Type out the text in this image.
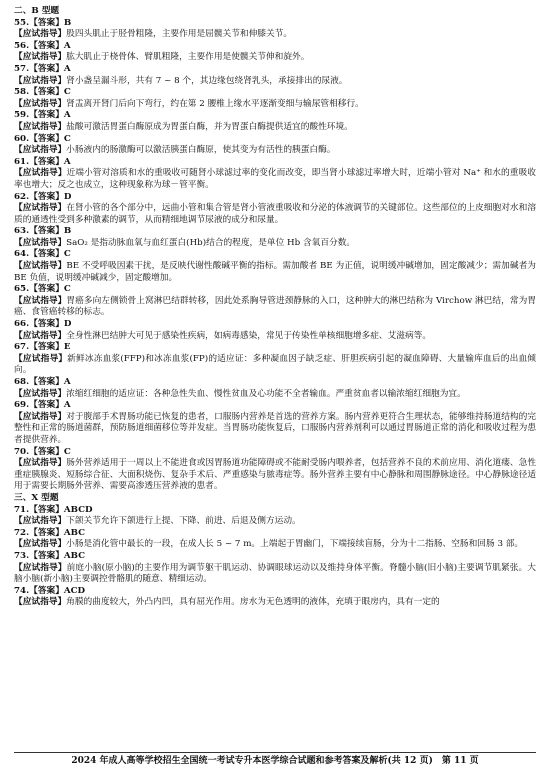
二、B 型题
55.【答案】B
【应试指导】股四头肌止于胫骨粗隆，主要作用是屈髋关节和伸膝关节。
56.【答案】A
【应试指导】肱大肌止于桡骨体、臂肌粗隆，主要作用是使髋关节伸和旋外。
57.【答案】A
【应试指导】肾小盏呈漏斗形，共有 7 ~ 8 个，其边缘包绕肾乳头，承接排出的尿液。
58.【答案】C
【应试指导】肾盂离开肾门后向下弯行，约在第 2 腰椎上缘水平逐渐变细与输尿管相移行。
59.【答案】A
【应试指导】盐酸可激活胃蛋白酶原成为胃蛋白酶，并为胃蛋白酶提供适宜的酸性环境。
60.【答案】C
【应试指导】小肠液内的肠激酶可以激活胰蛋白酶原，使其变为有活性的胰蛋白酶。
61.【答案】A
【应试指导】近端小管对溶质和水的重吸收可随肾小球滤过率的变化而改变，即当肾小球滤过率增大时，近端小管对 Na⁺ 和水的重吸收率也增大；反之也成立，这种现象称为球－管平衡。
62.【答案】D
【应试指导】在肾小管的各个部分中，远曲小管和集合管是肾小管液重吸收和分泌的体液调节的关键部位。这些部位的上皮细胞对水和溶质的通透性受到多种激素的调节，从而精细地调节尿液的成分和尿量。
63.【答案】B
【应试指导】SaO₂ 是指动脉血氧与血红蛋白(Hb)结合的程度，是单位 Hb 含氧百分数。
64.【答案】C
【应试指导】BE 不受呼吸因素干扰，是反映代谢性酸碱平衡的指标。需加酸者 BE 为正值，说明缓冲碱增加，固定酸减少；需加碱者为 BE 负值，说明缓冲碱减少，固定酸增加。
65.【答案】C
【应试指导】胃癌多向左侧锁骨上窝淋巴结群转移，因此处系胸导管进颈静脉的入口，这种肿大的淋巴结称为 Virchow 淋巴结，常为胃癌、食管癌转移的标志。
66.【答案】D
【应试指导】全身性淋巴结肿大可见于感染性疾病，如病毒感染，常见于传染性单核细胞增多症、艾滋病等。
67.【答案】E
【应试指导】新鲜冰冻血浆(FFP)和冰冻血浆(FP)的适应证：多种凝血因子缺乏症、肝胆疾病引起的凝血障碍、大量输库血后的出血倾向。
68.【答案】A
【应试指导】浓缩红细胞的适应证：各种急性失血、慢性贫血及心功能不全者输血。严重贫血者以输浓缩红细胞为宜。
69.【答案】A
【应试指导】对于腹部手术胃肠功能已恢复的患者，口服肠内营养是首选的营养方案。肠内营养更符合生理状态，能够维持肠道结构的完整性和正常的肠道菌群，预防肠道细菌移位等并发症。当胃肠功能恢复后，口服肠内营养剂利可以通过胃肠道正常的消化和吸收过程为患者提供营养。
70.【答案】C
【应试指导】肠外营养适用于一周以上不能进食或因胃肠道功能障碍或不能耐受肠内喂养者，包括营养不良的术前应用、消化道瘘、急性重症胰腺炎、短肠综合征、大面积烧伤、复杂手术后、严重感染与脓毒症等。肠外营养主要有中心静脉和周围静脉途径。中心静脉途径适用于需要长期肠外营养、需要高渗透压营养液的患者。
三、X 型题
71.【答案】ABCD
【应试指导】下颌关节允许下颌进行上提、下降、前进、后退及侧方运动。
72.【答案】ABC
【应试指导】小肠是消化管中最长的一段，在成人长 5 ~ 7 m。上端起于胃幽门，下端接续盲肠，分为十二指肠、空肠和回肠 3 部。
73.【答案】ABC
【应试指导】前庭小脑(原小脑)的主要作用为调节躯干肌运动、协调眼球运动以及维持身体平衡。脊髓小脑(旧小脑)主要调节肌紧张。大脑小脑(新小脑)主要调控骨骼肌的随意、精细运动。
74.【答案】ACD
【应试指导】角膜的曲度较大，外凸内凹，具有屈光作用。房水为无色透明的液体，充填于眼房内，具有一定的
2024 年成人高等学校招生全国统一考试专升本医学综合试题和参考答案及解析(共 12 页)　第 11 页
